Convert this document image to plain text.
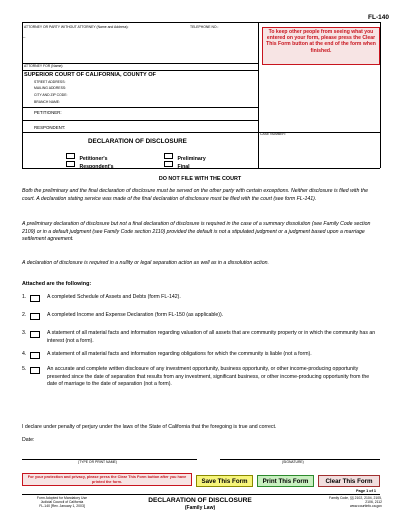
FL-140
ATTORNEY OR PARTY WITHOUT ATTORNEY (Name and Address):	TELEPHONE NO.:
—
ATTORNEY FOR (Name):
To keep other people from seeing what you entered on your form, please press the Clear This Form button at the end of the form when finished.
SUPERIOR COURT OF CALIFORNIA, COUNTY OF
STREET ADDRESS:
MAILING ADDRESS:
CITY AND ZIP CODE:
BRANCH NAME:
PETITIONER:
RESPONDENT:
CASE NUMBER:
DECLARATION OF DISCLOSURE
Petitioner's
Respondent's
Preliminary
Final
DO NOT FILE WITH THE COURT
Both the preliminary and the final declaration of disclosure must be served on the other party with certain exceptions. Neither disclosure is filed with the court. A declaration stating service was made of the final declaration of disclosure must be filed with the court (see form FL-141).
A preliminary declaration of disclosure but not a final declaration of disclosure is required in the case of a summary dissolution (see Family Code section 2109) or in a default judgment (see Family Code section 2110) provided the default is not a stipulated judgment or a judgment based upon a marriage settlement agreement.
A declaration of disclosure is required in a nullity or legal separation action as well as in a dissolution action.
Attached are the following:
1.	A completed Schedule of Assets and Debts (form FL-142).
2.	A completed Income and Expense Declaration (form FL-150 (as applicable)).
3.	A statement of all material facts and information regarding valuation of all assets that are community property or in which the community has an interest (not a form).
4.	A statement of all material facts and information regarding obligations for which the community is liable (not a form).
5.	An accurate and complete written disclosure of any investment opportunity, business opportunity, or other income-producing opportunity presented since the date of separation that results from any investment, significant business, or other income-producing opportunity from the date of marriage to the date of separation (not a form).
I declare under penalty of perjury under the laws of the State of California that the foregoing is true and correct.
Date:
(TYPE OR PRINT NAME)	(SIGNATURE)
For your protection and privacy, please press the Clear This Form button after you have printed the form.	Save This Form	Print This Form	Clear This Form
Page 1 of 1
Form Adopted for Mandatory Use
Judicial Council of California
FL-140 [Rev. January 1, 2003]
DECLARATION OF DISCLOSURE
(Family Law)
Family Code, §§ 2102, 2104, 2105,
2106, 2112
www.courtinfo.ca.gov
